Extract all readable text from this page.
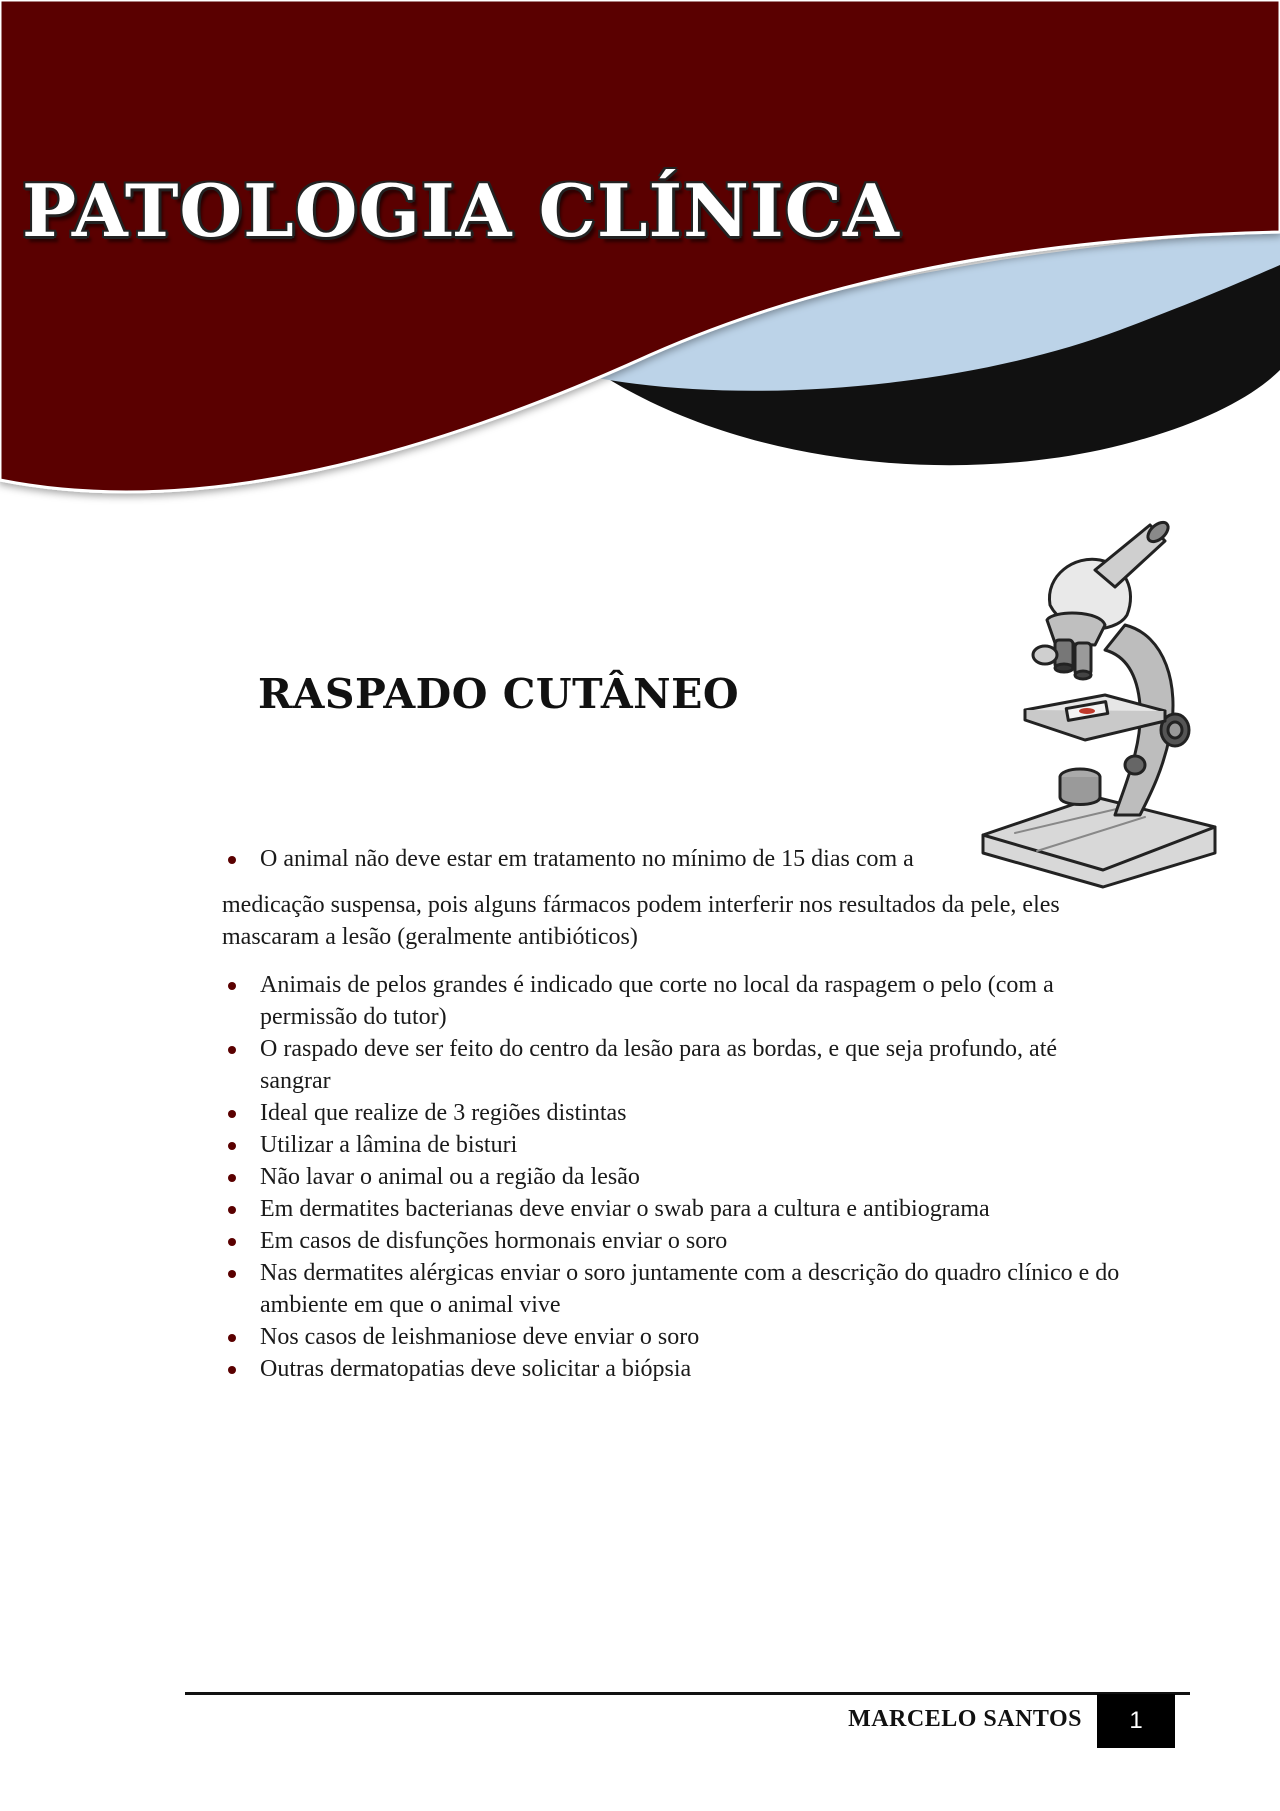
PATOLOGIA CLÍNICA
RASPADO CUTÂNEO
O animal não deve estar em tratamento no mínimo de 15 dias com a

medicação suspensa, pois alguns fármacos podem interferir nos resultados da pele, eles mascaram a lesão (geralmente antibióticos)

Animais de pelos grandes é indicado que corte no local da raspagem o pelo (com a permissão do tutor)
O raspado deve ser feito do centro da lesão para as bordas, e que seja profundo, até sangrar
Ideal que realize de 3 regiões distintas
Utilizar a lâmina de bisturi
Não lavar o animal ou a região da lesão
Em dermatites bacterianas deve enviar o swab para a cultura e antibiograma
Em casos de disfunções hormonais enviar o soro
Nas dermatites alérgicas enviar o soro juntamente com a descrição do quadro clínico e do ambiente em que o animal vive
Nos casos de leishmaniose deve enviar o soro
Outras dermatopatias deve solicitar a biópsia
MARCELO SANTOS	1
